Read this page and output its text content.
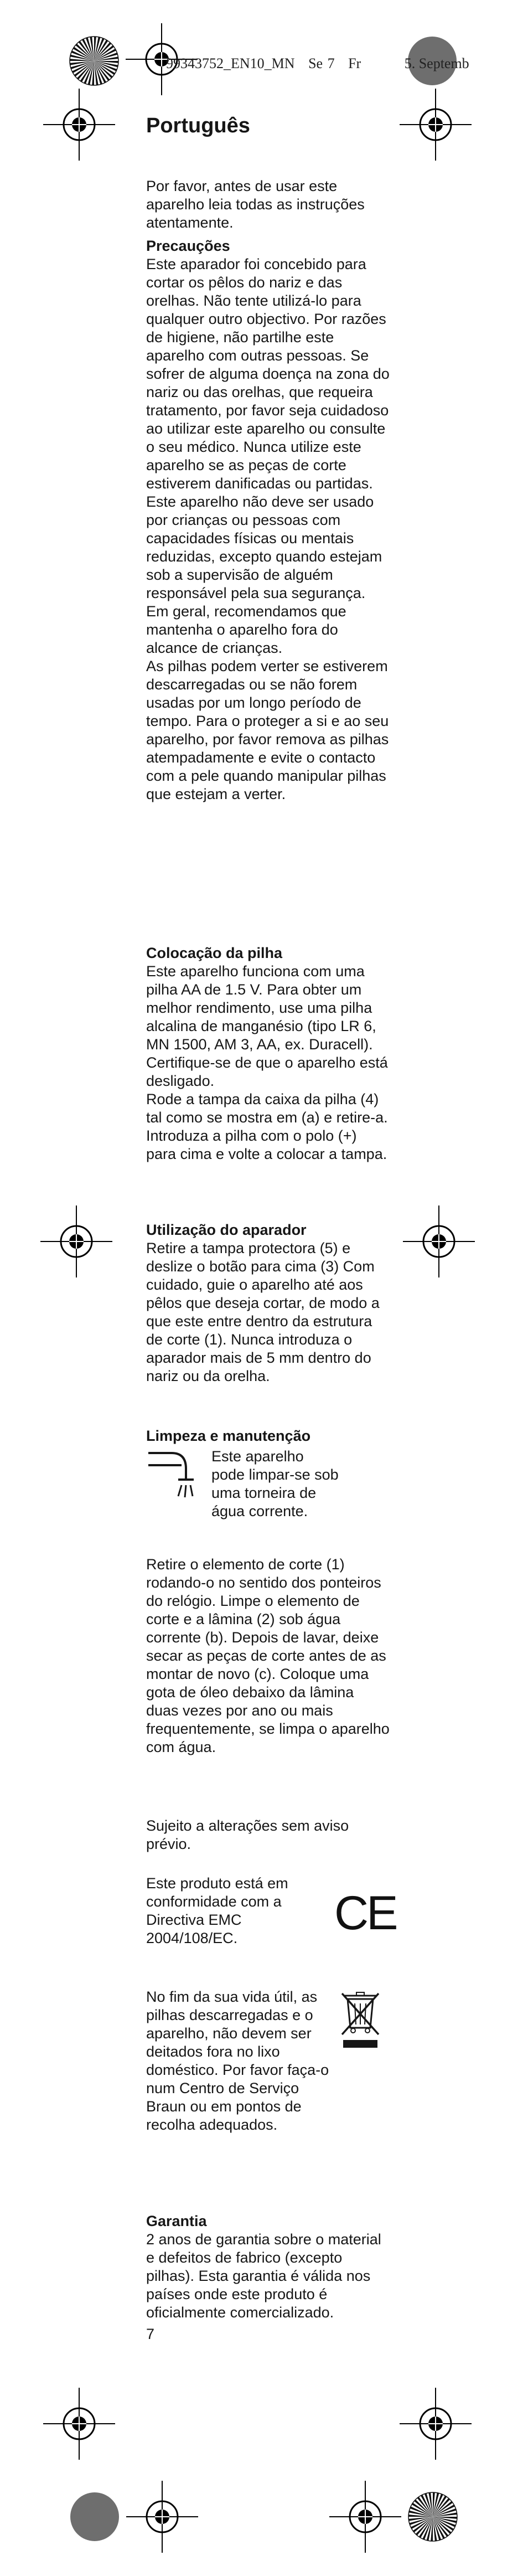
99343752_EN10_MN Se 7 Fr	5. Septemb
Português

Por favor, antes de usar este aparelho leia todas as instruções atentamente.

Precauções

Este aparador foi concebido para cortar os pêlos do nariz e das orelhas. Não tente utilizá-lo para qualquer outro objectivo. Por razões de higiene, não partilhe este aparelho com outras pessoas. Se sofrer de alguma doença na zona do nariz ou das orelhas, que requeira tratamento, por favor seja cuidadoso ao utilizar este aparelho ou consulte o seu médico. Nunca utilize este aparelho se as peças de corte estiverem danificadas ou partidas.

Este aparelho não deve ser usado por crianças ou pessoas com capacidades físicas ou mentais reduzidas, excepto quando estejam sob a supervisão de alguém responsável pela sua segurança. Em geral, recomendamos que mantenha o aparelho fora do alcance de crianças.

As pilhas podem verter se estiverem descarregadas ou se não forem usadas por um longo período de tempo. Para o proteger a si e ao seu aparelho, por favor remova as pilhas atempadamente e evite o contacto com a pele quando manipular pilhas que estejam a verter.

Colocação da pilha

Este aparelho funciona com uma pilha AA de 1.5 V. Para obter um melhor rendimento, use uma pilha alcalina de manganésio (tipo LR 6, MN 1500, AM 3, AA, ex. Duracell). Certifique-se de que o aparelho está desligado.

Rode a tampa da caixa da pilha (4) tal como se mostra em (a) e retire-a. Introduza a pilha com o polo (+) para cima e volte a colocar a tampa.

Utilização do aparador

Retire a tampa protectora (5) e deslize o botão para cima (3) Com cuidado, guie o aparelho até aos pêlos que deseja cortar, de modo a que este entre dentro da estrutura de corte (1). Nunca introduza o aparador mais de 5 mm dentro do nariz ou da orelha.

Limpeza e manutenção

Este aparelho pode limpar-se sob uma torneira de água corrente.

Retire o elemento de corte (1) rodando-o no sentido dos ponteiros do relógio. Limpe o elemento de corte e a lâmina (2) sob água corrente (b). Depois de lavar, deixe secar as peças de corte antes de as montar de novo (c). Coloque uma gota de óleo debaixo da lâmina duas vezes por ano ou mais frequentemente, se limpa o aparelho com água.

Sujeito a alterações sem aviso prévio.

Este produto está em conformidade com a Directiva EMC 2004/108/EC.	CE

No fim da sua vida útil, as pilhas descarregadas e o aparelho, não devem ser deitados fora no lixo doméstico. Por favor faça-o num Centro de Serviço Braun ou em pontos de recolha adequados.

Garantia

2 anos de garantia sobre o material e defeitos de fabrico (excepto pilhas). Esta garantia é válida nos países onde este produto é oficialmente comercializado.

7
